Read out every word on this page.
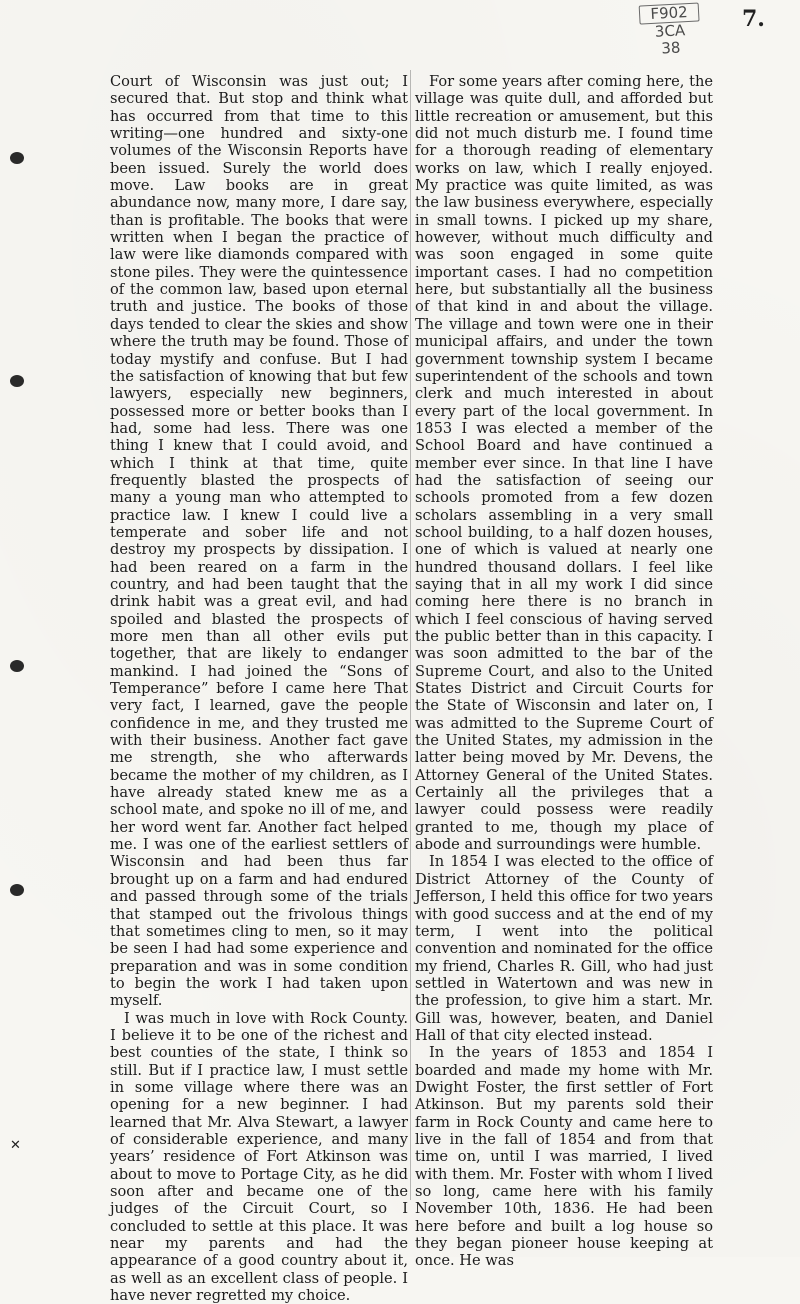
F902
3CA
38
7.
✕

Court of Wisconsin was just out; I secured that. But stop and think what has occurred from that time to this writing—one hundred and sixty-one volumes of the Wisconsin Reports have been issued. Surely the world does move. Law books are in great abundance now, many more, I dare say, than is profitable. The books that were written when I began the practice of law were like diamonds compared with stone piles. They were the quintessence of the common law, based upon eternal truth and justice. The books of those days tended to clear the skies and show where the truth may be found. Those of today mystify and confuse. But I had the satisfaction of knowing that but few lawyers, especially new beginners, possessed more or better books than I had, some had less. There was one thing I knew that I could avoid, and which I think at that time, quite frequently blasted the prospects of many a young man who attempted to practice law. I knew I could live a temperate and sober life and not destroy my prospects by dissipation. I had been reared on a farm in the country, and had been taught that the drink habit was a great evil, and had spoiled and blasted the prospects of more men than all other evils put together, that are likely to endanger mankind. I had joined the “Sons of Temperance” before I came here That very fact, I learned, gave the people confidence in me, and they trusted me with their business. Another fact gave me strength, she who afterwards became the mother of my children, as I have already stated knew me as a school mate, and spoke no ill of me, and her word went far. Another fact helped me. I was one of the earliest settlers of Wisconsin and had been thus far brought up on a farm and had endured and passed through some of the trials that stamped out the frivolous things that sometimes cling to men, so it may be seen I had had some experience and preparation and was in some condition to begin the work I had taken upon myself.

I was much in love with Rock County. I believe it to be one of the richest and best counties of the state, I think so still. But if I practice law, I must settle in some village where there was an opening for a new beginner. I had learned that Mr. Alva Stewart, a lawyer of considerable experience, and many years’ residence of Fort Atkinson was about to move to Portage City, as he did soon after and became one of the judges of the Circuit Court, so I concluded to settle at this place. It was near my parents and had the appearance of a good country about it, as well as an excellent class of people. I have never regretted my choice.

For some years after coming here, the village was quite dull, and afforded but little recreation or amusement, but this did not much disturb me. I found time for a thorough reading of elementary works on law, which I really enjoyed. My practice was quite limited, as was the law business everywhere, especially in small towns. I picked up my share, however, without much difficulty and was soon engaged in some quite important cases. I had no competition here, but substantially all the business of that kind in and about the village. The village and town were one in their municipal affairs, and under the town government township system I became superintendent of the schools and town clerk and much interested in about every part of the local government. In 1853 I was elected a member of the School Board and have continued a member ever since. In that line I have had the satisfaction of seeing our schools promoted from a few dozen scholars assembling in a very small school building, to a half dozen houses, one of which is valued at nearly one hundred thousand dollars. I feel like saying that in all my work I did since coming here there is no branch in which I feel conscious of having served the public better than in this capacity. I was soon admitted to the bar of the Supreme Court, and also to the United States District and Circuit Courts for the State of Wisconsin and later on, I was admitted to the Supreme Court of the United States, my admission in the latter being moved by Mr. Devens, the Attorney General of the United States. Certainly all the privileges that a lawyer could possess were readily granted to me, though my place of abode and surroundings were humble.

In 1854 I was elected to the office of District Attorney of the County of Jefferson, I held this office for two years with good success and at the end of my term, I went into the political convention and nominated for the office my friend, Charles R. Gill, who had just settled in Watertown and was new in the profession, to give him a start. Mr. Gill was, however, beaten, and Daniel Hall of that city elected instead.

In the years of 1853 and 1854 I boarded and made my home with Mr. Dwight Foster, the first settler of Fort Atkinson. But my parents sold their farm in Rock County and came here to live in the fall of 1854 and from that time on, until I was married, I lived with them. Mr. Foster with whom I lived so long, came here with his family November 10th, 1836. He had been here before and built a log house so they began pioneer house keeping at once. He was
